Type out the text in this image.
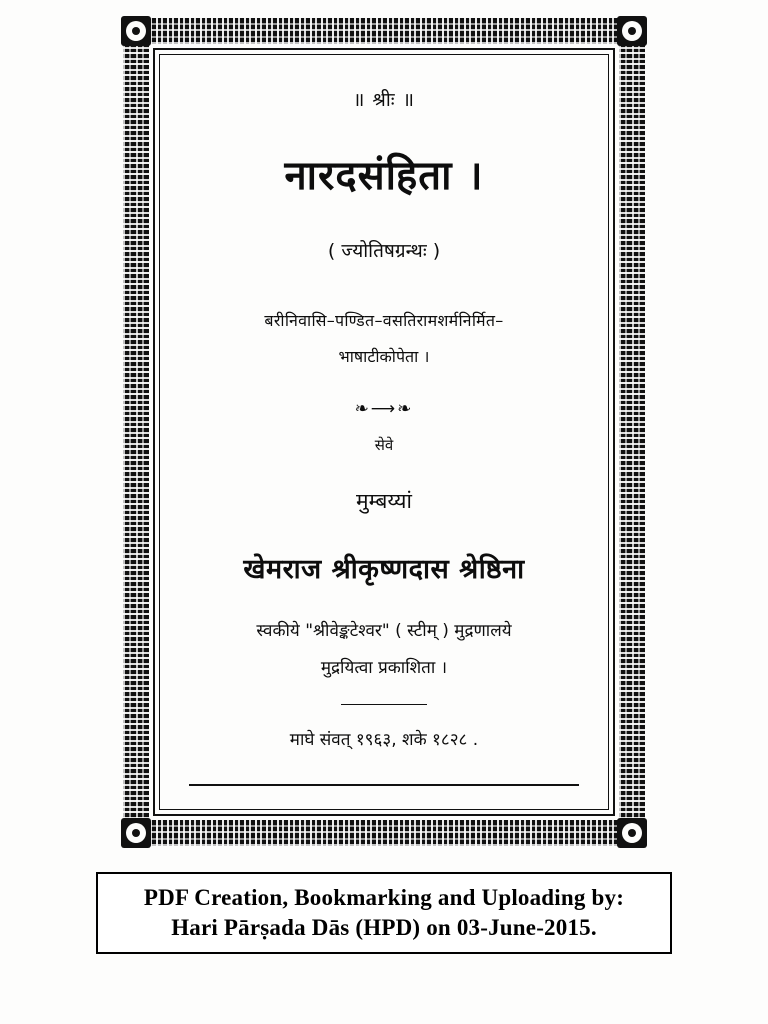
॥ श्रीः ॥

नारदसंहिता ।

( ज्योतिषग्रन्थः )

बरीनिवासि–पण्डित–वसतिरामशर्मनिर्मित–

भाषाटीकोपेता ।

❧⟶❧

सेवे

मुम्बय्यां

खेमराज श्रीकृष्णदास श्रेष्ठिना

स्वकीये "श्रीवेङ्कटेश्वर" ( स्टीम् ) मुद्रणालये

मुद्रयित्वा प्रकाशिता ।

माघे संवत् १९६३, शके १८२८ .

PDF Creation, Bookmarking and Uploading by:
Hari Pārṣada Dās (HPD) on 03-June-2015.
